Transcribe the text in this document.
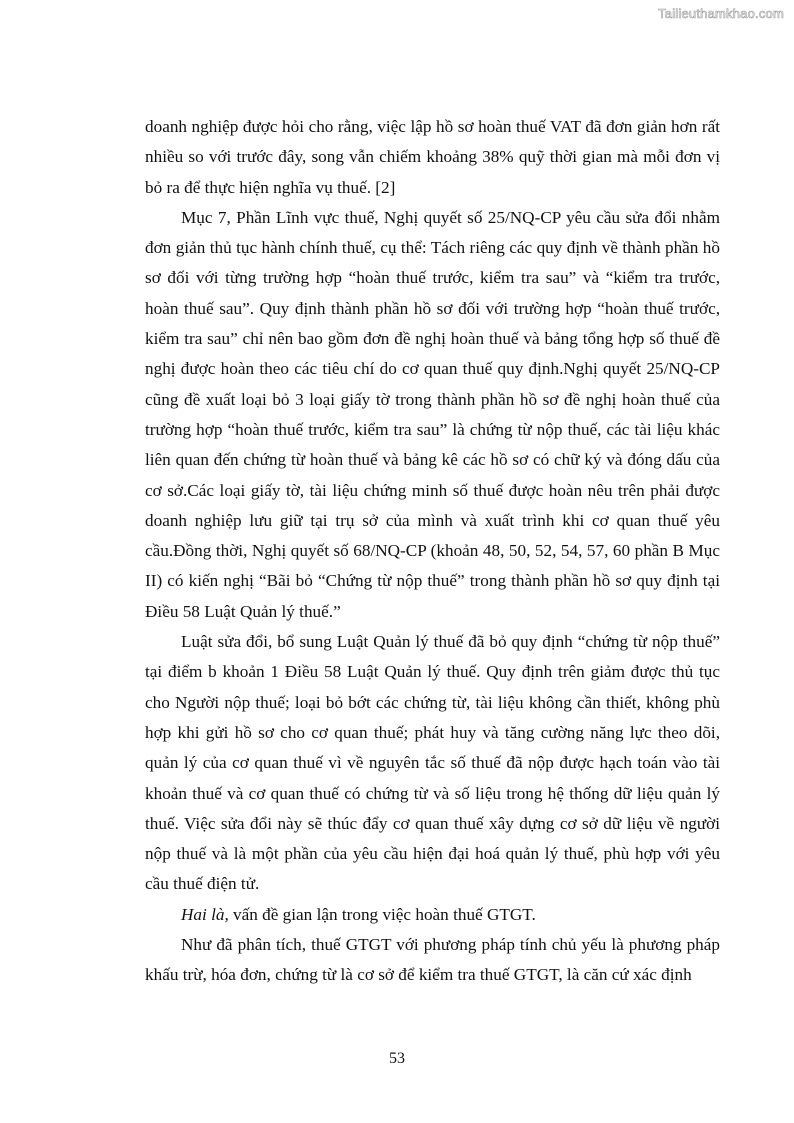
Tailieuthamkhao.com

doanh nghiệp được hỏi cho rằng, việc lập hồ sơ hoàn thuế VAT đã đơn giản hơn rất nhiều so với trước đây, song vẫn chiếm khoảng 38% quỹ thời gian mà mỗi đơn vị bỏ ra để thực hiện nghĩa vụ thuế. [2]

Mục 7, Phần Lĩnh vực thuế, Nghị quyết số 25/NQ-CP yêu cầu sửa đổi nhằm đơn giản thủ tục hành chính thuế, cụ thể: Tách riêng các quy định về thành phần hồ sơ đối với từng trường hợp “hoàn thuế trước, kiểm tra sau” và “kiểm tra trước, hoàn thuế sau”. Quy định thành phần hồ sơ đối với trường hợp “hoàn thuế trước, kiểm tra sau” chỉ nên bao gồm đơn đề nghị hoàn thuế và bảng tổng hợp số thuế đề nghị được hoàn theo các tiêu chí do cơ quan thuế quy định.Nghị quyết 25/NQ-CP cũng đề xuất loại bỏ 3 loại giấy tờ trong thành phần hồ sơ đề nghị hoàn thuế của trường hợp “hoàn thuế trước, kiểm tra sau” là chứng từ nộp thuế, các tài liệu khác liên quan đến chứng từ hoàn thuế và bảng kê các hồ sơ có chữ ký và đóng dấu của cơ sở.Các loại giấy tờ, tài liệu chứng minh số thuế được hoàn nêu trên phải được doanh nghiệp lưu giữ tại trụ sở của mình và xuất trình khi cơ quan thuế yêu cầu.Đồng thời, Nghị quyết số 68/NQ-CP (khoản 48, 50, 52, 54, 57, 60 phần B Mục II) có kiến nghị “Bãi bỏ “Chứng từ nộp thuế” trong thành phần hồ sơ quy định tại Điều 58 Luật Quản lý thuế.”

Luật sửa đổi, bổ sung Luật Quản lý thuế đã bỏ quy định “chứng từ nộp thuế” tại điểm b khoản 1 Điều 58 Luật Quản lý thuế. Quy định trên giảm được thủ tục cho Người nộp thuế; loại bỏ bớt các chứng từ, tài liệu không cần thiết, không phù hợp khi gửi hồ sơ cho cơ quan thuế; phát huy và tăng cường năng lực theo dõi, quản lý của cơ quan thuế vì về nguyên tắc số thuế đã nộp được hạch toán vào tài khoản thuế và cơ quan thuế có chứng từ và số liệu trong hệ thống dữ liệu quản lý thuế. Việc sửa đổi này sẽ thúc đẩy cơ quan thuế xây dựng cơ sở dữ liệu về người nộp thuế và là một phần của yêu cầu hiện đại hoá quản lý thuế, phù hợp với yêu cầu thuế điện tử.

Hai là, vấn đề gian lận trong việc hoàn thuế GTGT.

Như đã phân tích, thuế GTGT với phương pháp tính chủ yếu là phương pháp khấu trừ, hóa đơn, chứng từ là cơ sở để kiểm tra thuế GTGT, là căn cứ xác định

53
